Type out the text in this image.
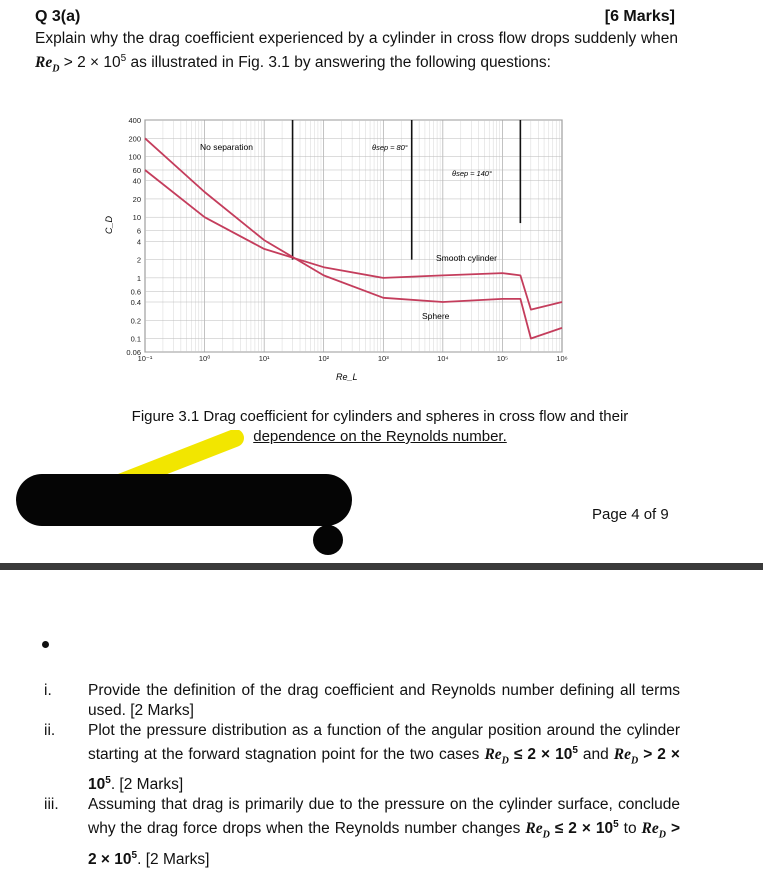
Q 3(a)	[6 Marks]
Explain why the drag coefficient experienced by a cylinder in cross flow drops suddenly when $Re_D > 2 \times 10^5$ as illustrated in Fig. 3.1 by answering the following questions:
400
200
100
60
40
20
10
6
4
2
1
0.6
0.4
0.2
0.1
0.06
10⁻¹	10⁰	10¹	10²	10³	10⁴	10⁵	10⁶
C_D
Re_L
No separation	θsep ≈ 80°
θsep ≈ 140°
Smooth cylinder
Sphere
Figure 3.1 Drag coefficient for cylinders and spheres in cross flow and their
dependence on the Reynolds number.
Page 4 of 9
i.	Provide the definition of the drag coefficient and Reynolds number defining all terms used. [2 Marks]
ii.	Plot the pressure distribution as a function of the angular position around the cylinder starting at the forward stagnation point for the two cases $Re_D \le 2 \times 10^5$ and $Re_D > 2 \times 10^5$. [2 Marks]
iii.	Assuming that drag is primarily due to the pressure on the cylinder surface, conclude why the drag force drops when the Reynolds number changes $Re_D \le 2 \times 10^5$ to $Re_D > 2 \times 10^5$. [2 Marks]
